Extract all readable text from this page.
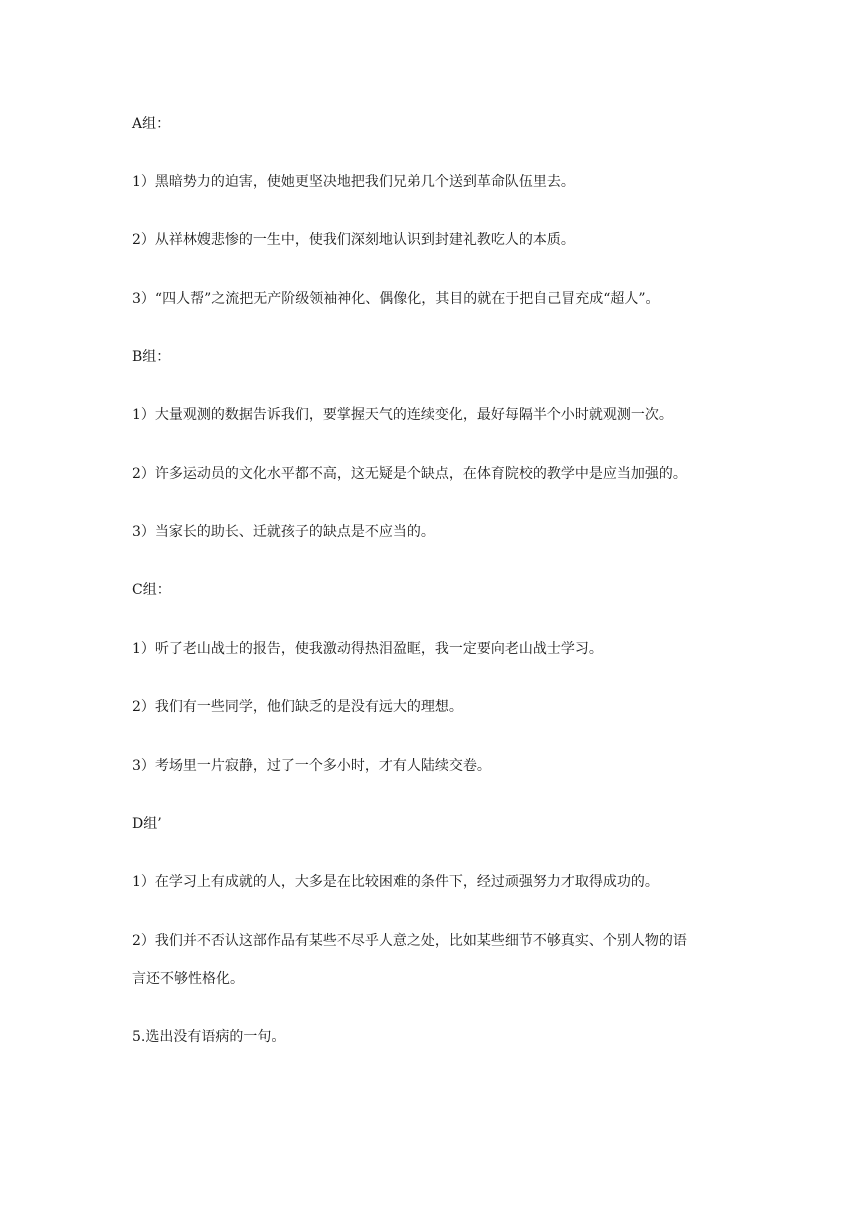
A组：
1）黑暗势力的迫害，使她更坚决地把我们兄弟几个送到革命队伍里去。
2）从祥林嫂悲惨的一生中，使我们深刻地认识到封建礼教吃人的本质。
3）“四人帮”之流把无产阶级领袖神化、偶像化，其目的就在于把自己冒充成“超人”。
B组：
1）大量观测的数据告诉我们，要掌握天气的连续变化，最好每隔半个小时就观测一次。
2）许多运动员的文化水平都不高，这无疑是个缺点，在体育院校的教学中是应当加强的。
3）当家长的助长、迁就孩子的缺点是不应当的。
C组：
1）听了老山战士的报告，使我激动得热泪盈眶，我一定要向老山战士学习。
2）我们有一些同学，他们缺乏的是没有远大的理想。
3）考场里一片寂静，过了一个多小时，才有人陆续交卷。
D组’
1）在学习上有成就的人，大多是在比较困难的条件下，经过顽强努力才取得成功的。
2）我们并不否认这部作品有某些不尽乎人意之处，比如某些细节不够真实、个别人物的语
言还不够性格化。
5.选出没有语病的一句。
